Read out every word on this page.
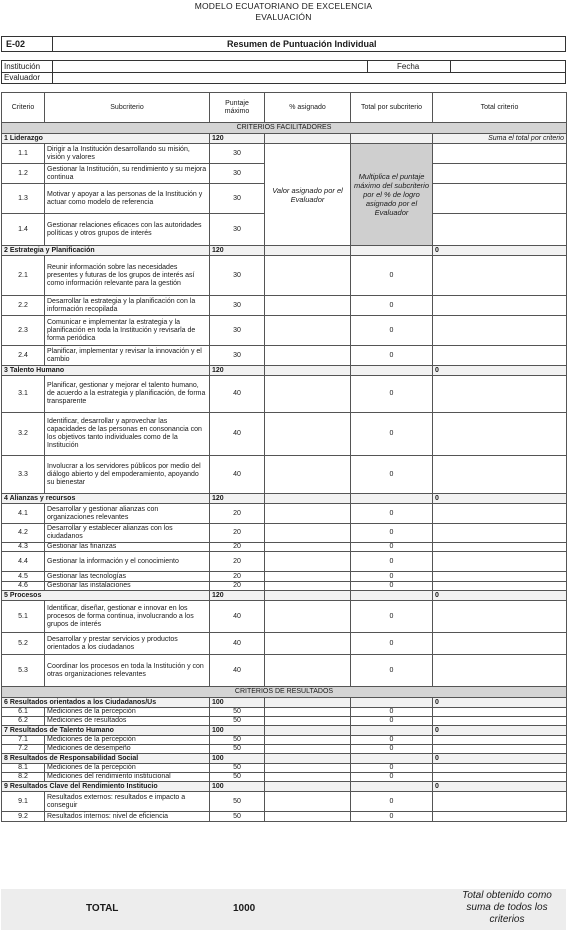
MODELO ECUATORIANO DE EXCELENCIA
EVALUACIÓN
E-02	Resumen de Puntuación Individual
Institución	Fecha
Evaluador
Criterio	Subcriterio	Puntaje máximo	% asignado	Total por subcriterio	Total criterio
CRITERIOS FACILITADORES					
1 Liderazgo		120			Suma el total por criterio
1.1	Dirigir a la Institución desarrollando su misión, visión y valores	30	Valor asignado por el Evaluador	Multiplica el puntaje máximo del subcriterio por el % de logro asignado por el Evaluador	
1.2	Gestionar la Institución, su rendimiento y su mejora continua	30			
1.3	Motivar y apoyar a las personas de la Institución y actuar como modelo de referencia	30			
1.4	Gestionar relaciones eficaces con las autoridades políticas y otros grupos de interés	30			
2 Estrategia y Planificación		120			0
2.1	Reunir información sobre las necesidades presentes y futuras de los grupos de interés así como información relevante para la gestión	30		0	
2.2	Desarrollar la estrategia y la planificación con la información recopilada	30		0	
2.3	Comunicar e implementar la estrategia y la planificación en toda la Institución y revisarla de forma periódica	30		0	
2.4	Planificar, implementar y revisar la innovación y el cambio	30		0	
3 Talento Humano		120			0
3.1	Planificar, gestionar y mejorar el talento humano, de acuerdo a la estrategia y planificación, de forma transparente	40		0	
3.2	Identificar, desarrollar y aprovechar las capacidades de las personas en consonancia con los objetivos tanto individuales como de la Institución	40		0	
3.3	Involucrar a los servidores públicos por medio del diálogo abierto y del empoderamiento, apoyando su bienestar	40		0	
4 Alianzas y recursos		120			0
4.1	Desarrollar y gestionar alianzas con organizaciones relevantes	20		0	
4.2	Desarrollar y establecer alianzas con los ciudadanos	20		0	
4.3	Gestionar las finanzas	20		0	
4.4	Gestionar la información y el conocimiento	20		0	
4.5	Gestionar las tecnologías	20		0	
4.6	Gestionar las instalaciones	20		0	
5 Procesos		120			0
5.1	Identificar, diseñar, gestionar e innovar en los procesos de forma continua, involucrando a los grupos de interés	40		0	
5.2	Desarrollar y prestar servicios y productos orientados a los ciudadanos	40		0	
5.3	Coordinar los procesos en toda la Institución y con otras organizaciones relevantes	40		0	
CRITERIOS DE RESULTADOS					
6 Resultados orientados a los Ciudadanos/Us		100			0
6.1	Mediciones de la percepción	50		0	
6.2	Mediciones de resultados	50		0	
7 Resultados de Talento Humano		100			0
7.1	Mediciones de la percepción	50		0	
7.2	Mediciones de desempeño	50		0	
8 Resultados de Responsabilidad Social		100			0
8.1	Mediciones de la percepción	50		0	
8.2	Mediciones del rendimiento institucional	50		0	
9 Resultados Clave del Rendimiento Institucio		100			0
9.1	Resultados externos: resultados e impacto a conseguir	50		0	
9.2	Resultados internos: nivel de eficiencia	50		0	
TOTAL	1000
Total obtenido como suma de todos los criterios
